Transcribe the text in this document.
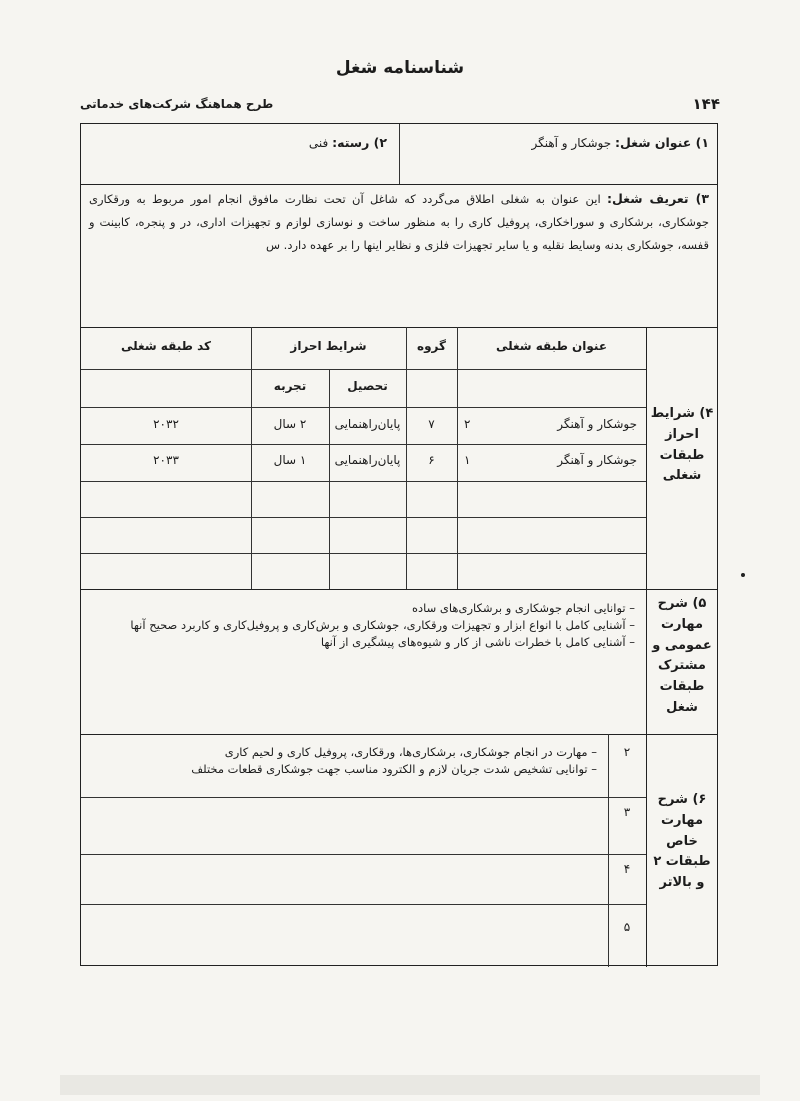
شناسنامه شغل
۱۴۴
طرح هماهنگ شرکت‌های خدماتی
۱) عنوان شغل: جوشکار و آهنگر
۲) رسته: فنی
۳) تعریف شغل: این عنوان به شغلی اطلاق می‌گردد که شاغل آن تحت نظارت مافوق انجام امور مربوط به ورقکاری جوشکاری، برشکاری و سوراخکاری، پروفیل کاری را به منظور ساخت و نوسازی لوازم و تجهیزات اداری، در و پنجره، کابینت و قفسه، جوشکاری بدنه وسایط نقلیه و یا سایر تجهیزات فلزی و نظایر اینها را بر عهده دارد. س
۴) شرایط احراز طبقات شغلی
عنوان طبقه شغلی
گروه
شرایط احراز
کد طبقه شغلی
تحصیل
تجربه
جوشکار و آهنگر
۲
۷
پایان‌راهنمایی
۲ سال
۲۰۳۲
جوشکار و آهنگر
۱
۶
پایان‌راهنمایی
۱ سال
۲۰۳۳
۵) شرح مهارت عمومی و مشترک طبقات شغل
– توانایی انجام جوشکاری و برشکاری‌های ساده
– آشنایی کامل با انواع ابزار و تجهیزات ورقکاری، جوشکاری و برش‌کاری و پروفیل‌کاری و کاربرد صحیح آنها
– آشنایی کامل با خطرات ناشی از کار و شیوه‌های پیشگیری از آنها
۶) شرح مهارت خاص طبقات ۲ و بالاتر
۲
– مهارت در انجام جوشکاری، برشکاری‌ها، ورقکاری، پروفیل کاری و لحیم کاری
– توانایی تشخیص شدت جریان لازم و الکترود مناسب جهت جوشکاری قطعات مختلف
۳
۴
۵
